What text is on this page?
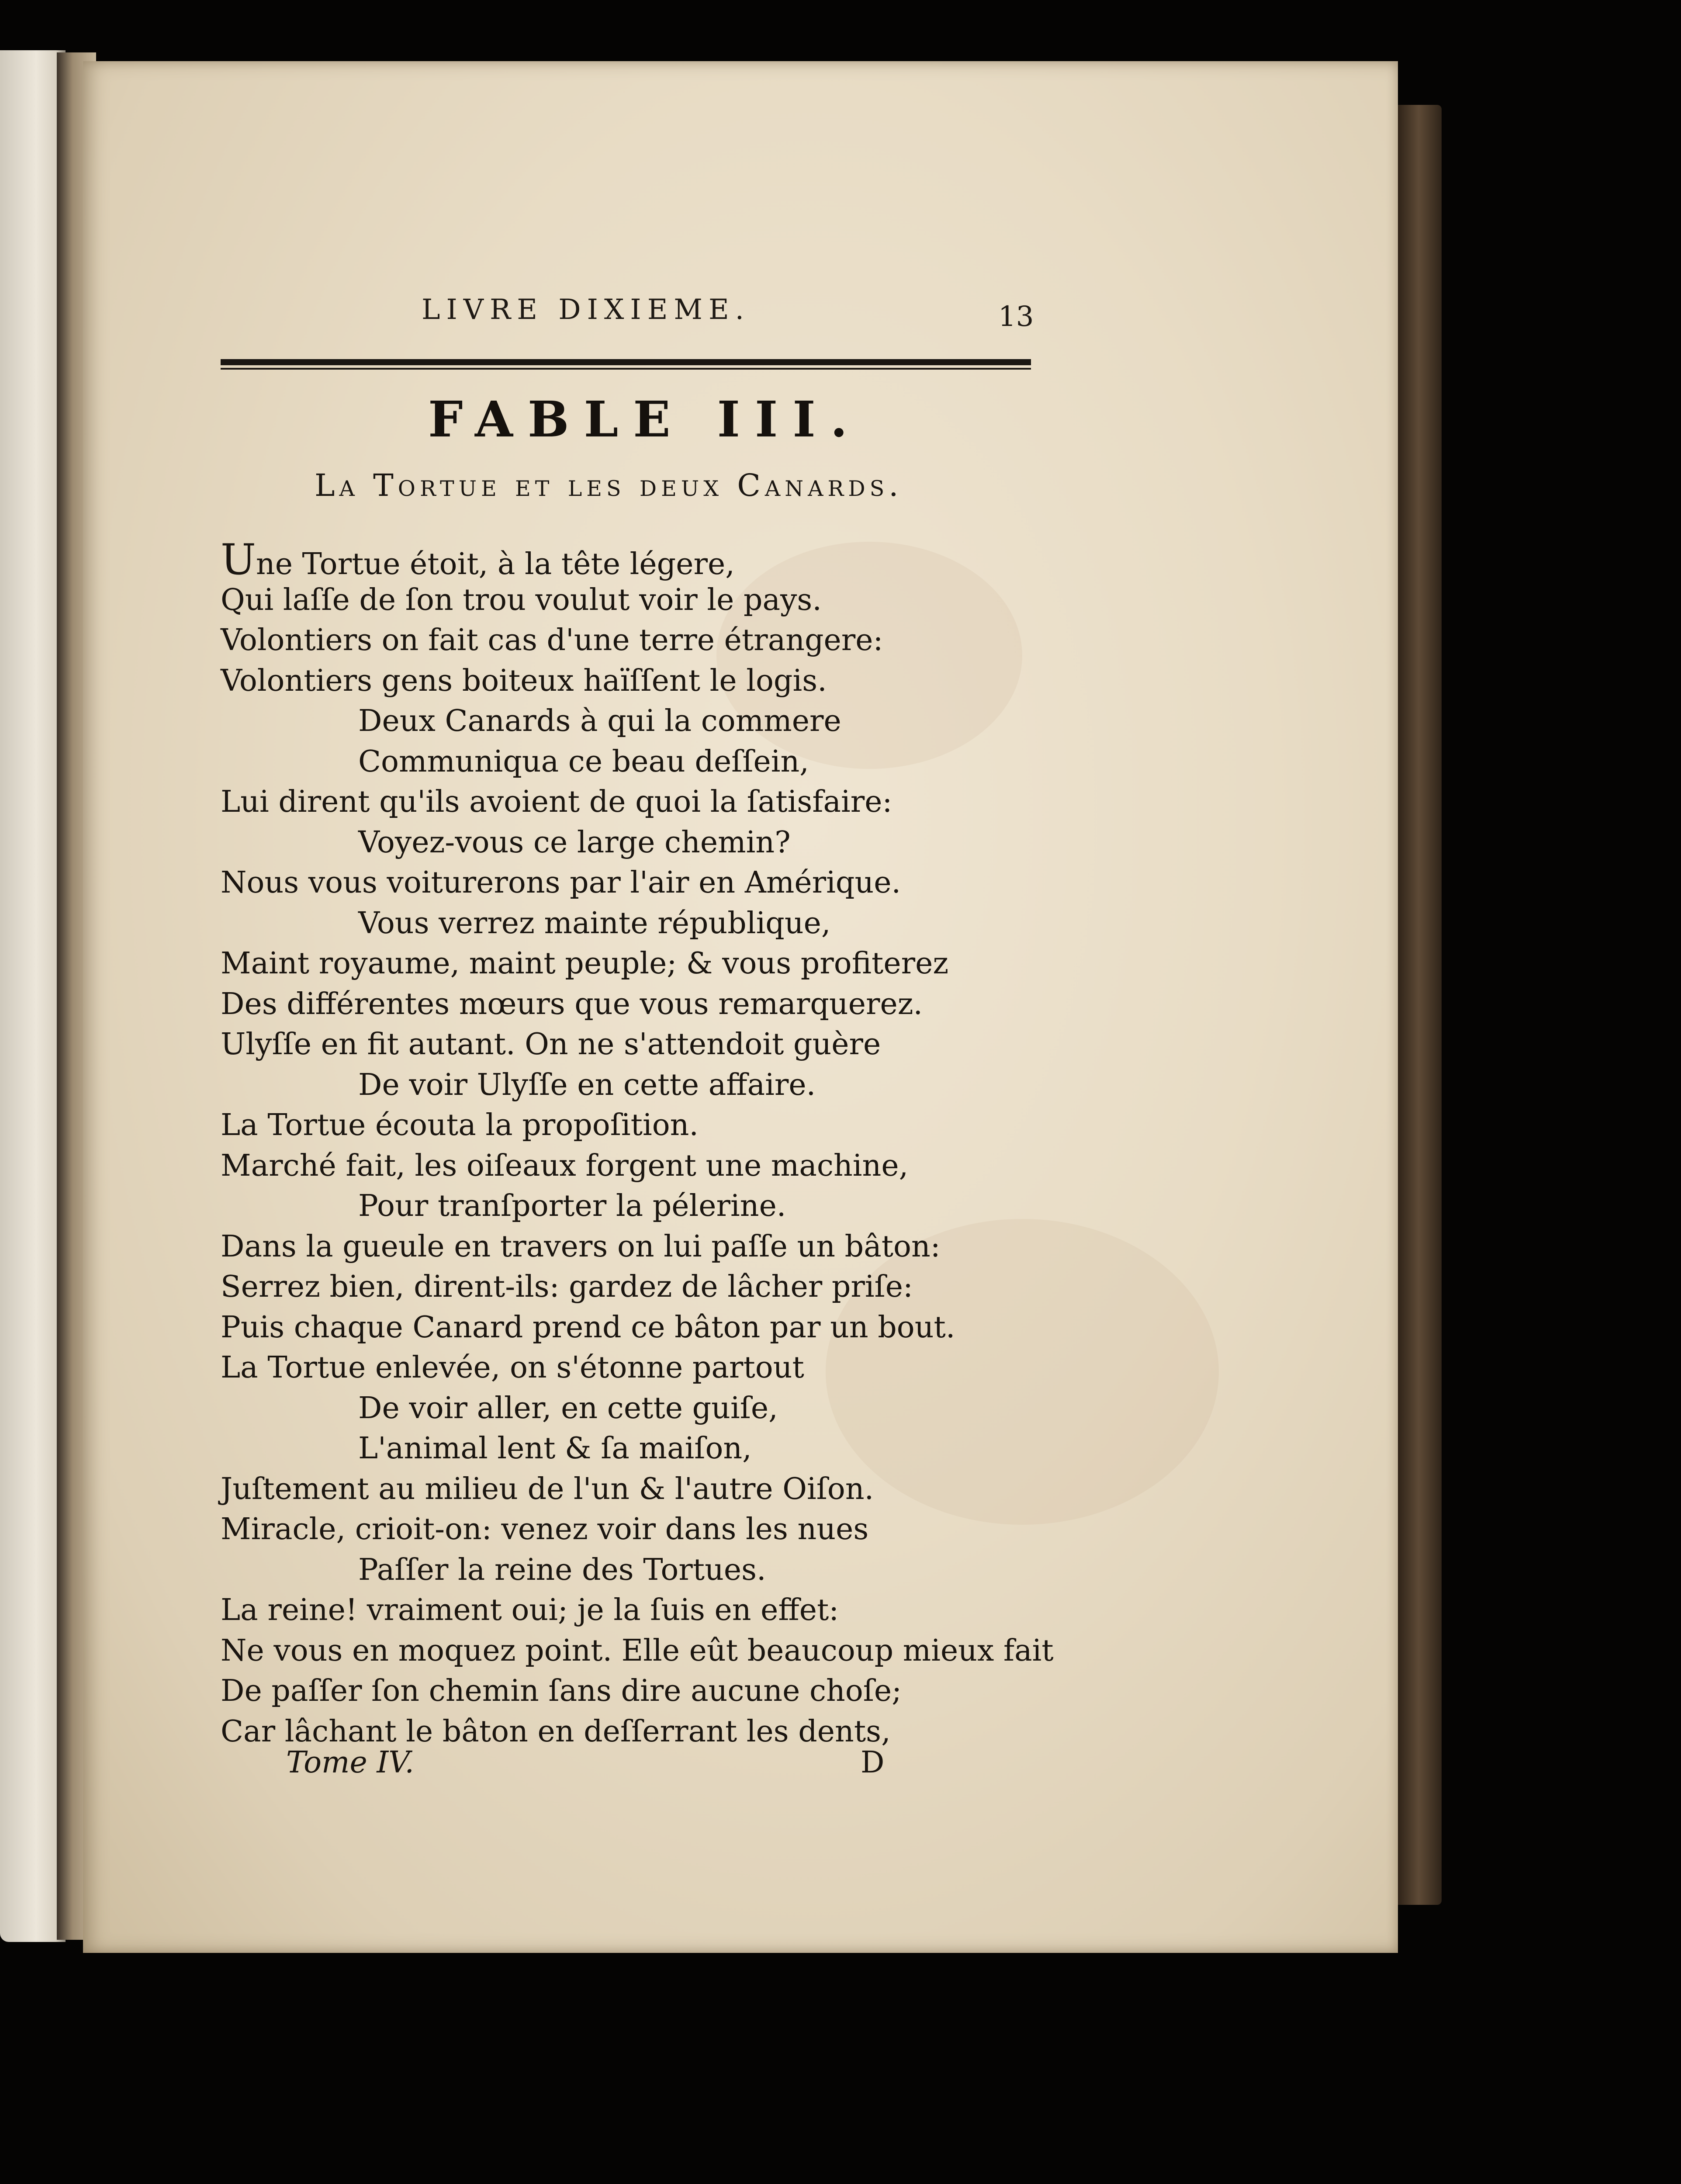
LIVRE DIXIEME.	13
FABLE III.
La Tortue et les deux Canards.
Une Tortue étoit, à la tête légere,
Qui laſſe de ſon trou voulut voir le pays.
Volontiers on fait cas d'une terre étrangere:
Volontiers gens boiteux haïſſent le logis.
Deux Canards à qui la commere
Communiqua ce beau deſſein,
Lui dirent qu'ils avoient de quoi la ſatisfaire:
Voyez-vous ce large chemin?
Nous vous voiturerons par l'air en Amérique.
Vous verrez mainte république,
Maint royaume, maint peuple; & vous profiterez
Des différentes mœurs que vous remarquerez.
Ulyſſe en fit autant. On ne s'attendoit guère
De voir Ulyſſe en cette affaire.
La Tortue écouta la propoſition.
Marché fait, les oiſeaux forgent une machine,
Pour tranſporter la pélerine.
Dans la gueule en travers on lui paſſe un bâton:
Serrez bien, dirent-ils: gardez de lâcher priſe:
Puis chaque Canard prend ce bâton par un bout.
La Tortue enlevée, on s'étonne partout
De voir aller, en cette guiſe,
L'animal lent & ſa maiſon,
Juſtement au milieu de l'un & l'autre Oiſon.
Miracle, crioit-on: venez voir dans les nues
Paſſer la reine des Tortues.
La reine! vraiment oui; je la ſuis en effet:
Ne vous en moquez point. Elle eût beaucoup mieux fait
De paſſer ſon chemin ſans dire aucune choſe;
Car lâchant le bâton en deſſerrant les dents,
Tome IV.	D
